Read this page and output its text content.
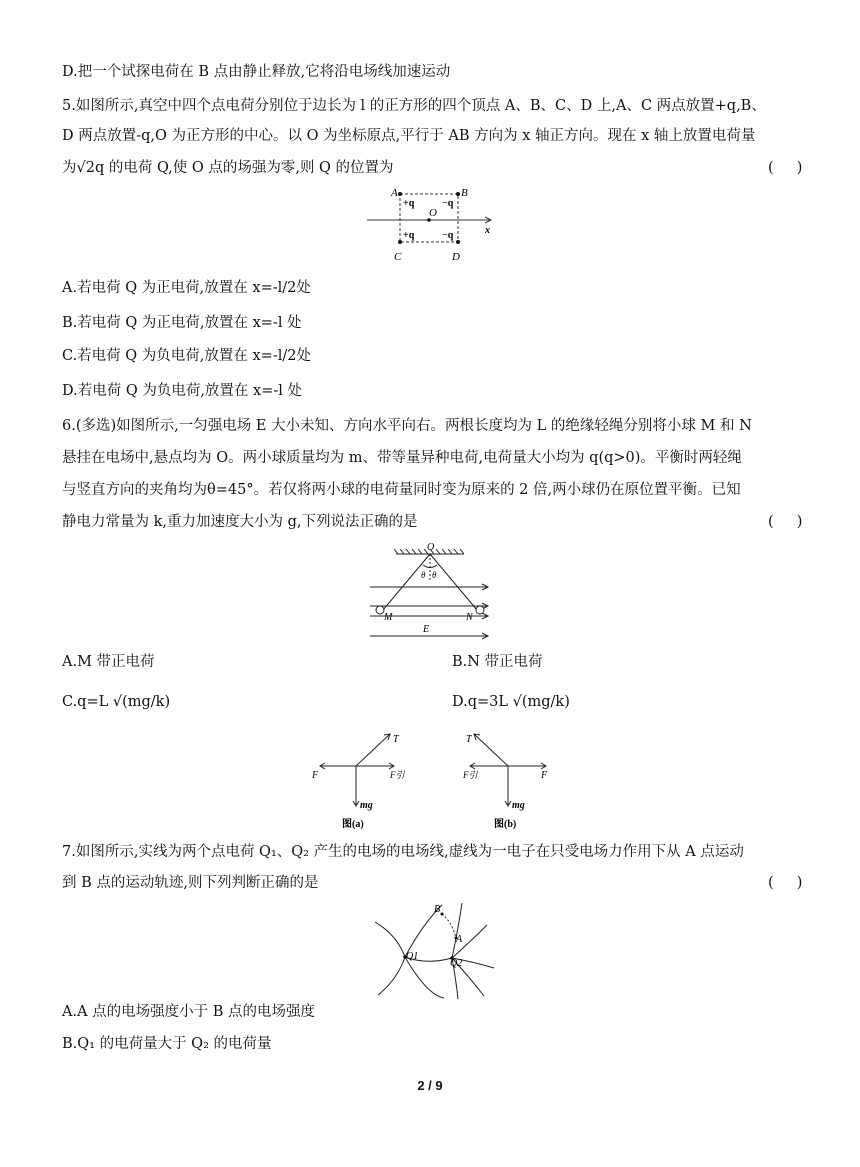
D.把一个试探电荷在 B 点由静止释放,它将沿电场线加速运动
5.如图所示,真空中四个点电荷分别位于边长为 l 的正方形的四个顶点 A、B、C、D 上,A、C 两点放置+q,B、
D 两点放置-q,O 为正方形的中心。以 O 为坐标原点,平行于 AB 方向为 x 轴正方向。现在 x 轴上放置电荷量
为√2q 的电荷 Q,使 O 点的场强为零,则 Q 的位置为	(     )
A	B
C	D
O
x
+q	−q
+q	−q
A.若电荷 Q 为正电荷,放置在 x=-l/2处
B.若电荷 Q 为正电荷,放置在 x=-l 处
C.若电荷 Q 为负电荷,放置在 x=-l/2处
D.若电荷 Q 为负电荷,放置在 x=-l 处
6.(多选)如图所示,一匀强电场 E 大小未知、方向水平向右。两根长度均为 L 的绝缘轻绳分别将小球 M 和 N
悬挂在电场中,悬点均为 O。两小球质量均为 m、带等量异种电荷,电荷量大小均为 q(q>0)。平衡时两轻绳
与竖直方向的夹角均为θ=45°。若仅将两小球的电荷量同时变为原来的 2 倍,两小球仍在原位置平衡。已知
静电力常量为 k,重力加速度大小为 g,下列说法正确的是	(     )
O
θ θ
M	N
E
A.M 带正电荷	B.N 带正电荷
C.q=L √(mg/k)	D.q=3L √(mg/k)
T
F	F引
mg
图(a)
T
F
F引
mg
图(b)
7.如图所示,实线为两个点电荷 Q₁、Q₂ 产生的电场的电场线,虚线为一电子在只受电场力作用下从 A 点运动
到 B 点的运动轨迹,则下列判断正确的是	(     )
B
A
Q1
Q2
A.A 点的电场强度小于 B 点的电场强度
B.Q₁ 的电荷量大于 Q₂ 的电荷量
2 / 9
